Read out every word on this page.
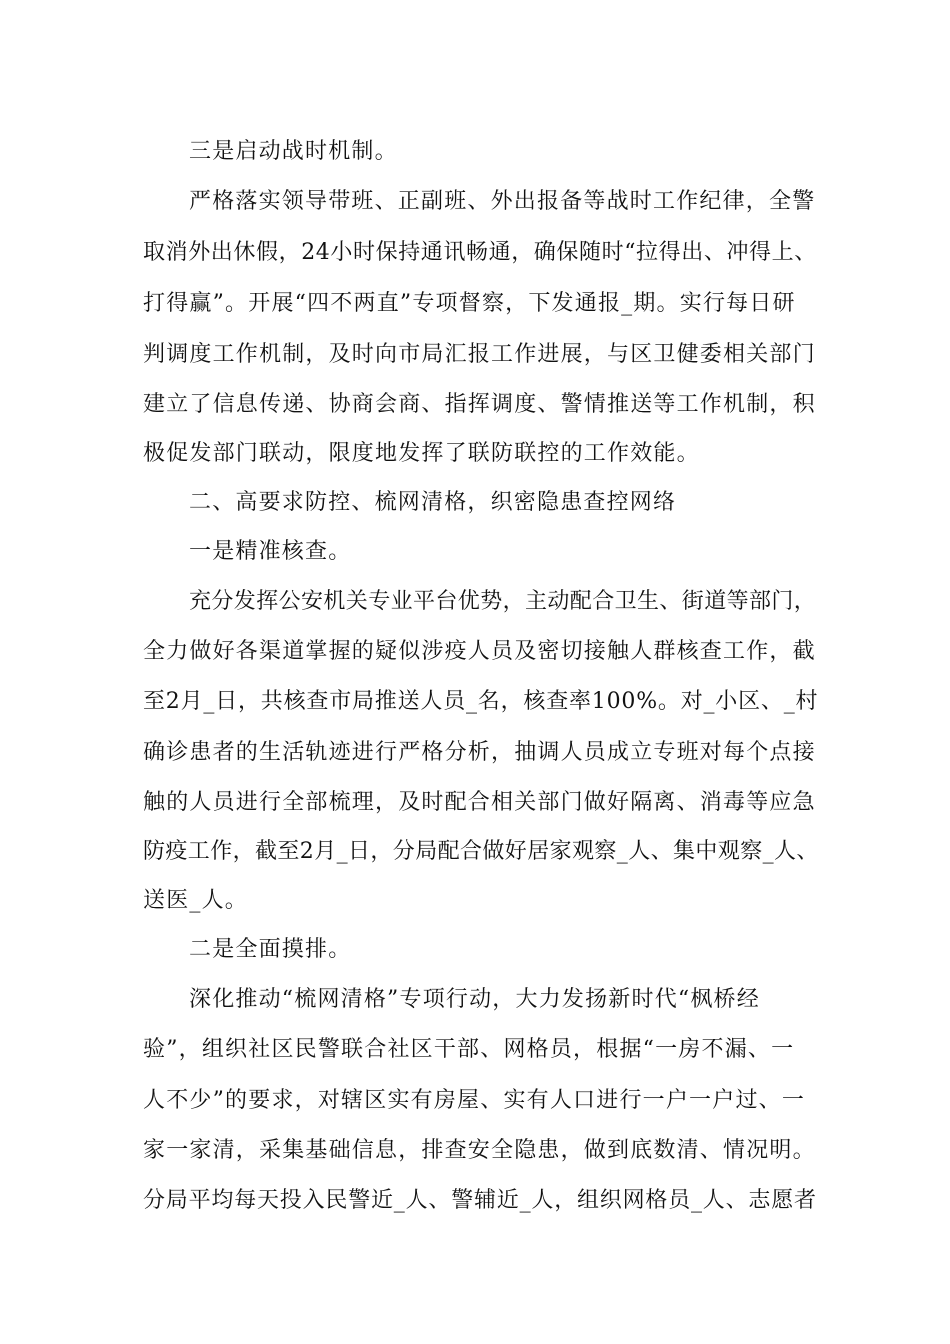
三是启动战时机制。

严格落实领导带班、正副班、外出报备等战时工作纪律，全警

取消外出休假，24小时保持通讯畅通，确保随时“拉得出、冲得上、

打得赢”。开展“四不两直”专项督察，下发通报_期。实行每日研

判调度工作机制，及时向市局汇报工作进展，与区卫健委相关部门

建立了信息传递、协商会商、指挥调度、警情推送等工作机制，积

极促发部门联动，限度地发挥了联防联控的工作效能。

二、高要求防控、梳网清格，织密隐患查控网络

一是精准核查。

充分发挥公安机关专业平台优势，主动配合卫生、街道等部门，

全力做好各渠道掌握的疑似涉疫人员及密切接触人群核查工作，截

至2月_日，共核查市局推送人员_名，核查率100%。对_小区、_村

确诊患者的生活轨迹进行严格分析，抽调人员成立专班对每个点接

触的人员进行全部梳理，及时配合相关部门做好隔离、消毒等应急

防疫工作，截至2月_日，分局配合做好居家观察_人、集中观察_人、

送医_人。

二是全面摸排。

深化推动“梳网清格”专项行动，大力发扬新时代“枫桥经

验”，组织社区民警联合社区干部、网格员，根据“一房不漏、一

人不少”的要求，对辖区实有房屋、实有人口进行一户一户过、一

家一家清，采集基础信息，排查安全隐患，做到底数清、情况明。

分局平均每天投入民警近_人、警辅近_人，组织网格员_人、志愿者
